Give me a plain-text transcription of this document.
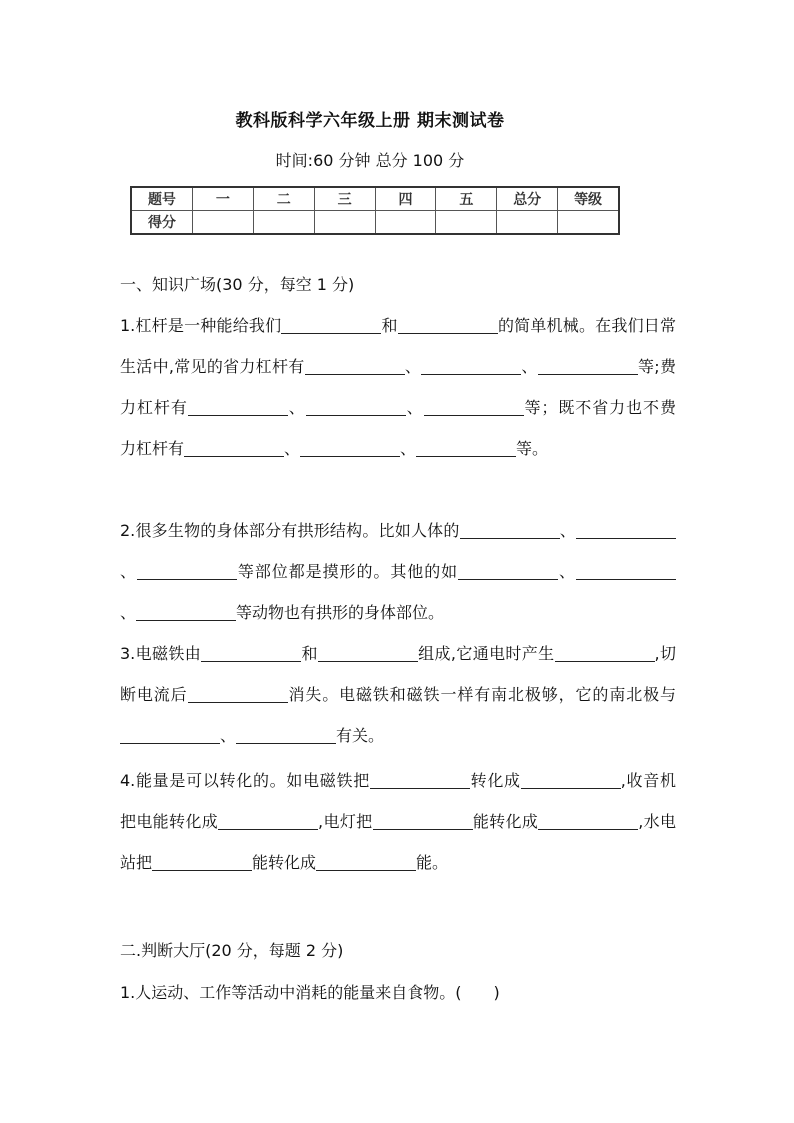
教科版科学六年级上册 期末测试卷
时间:60 分钟 总分 100 分
题号	一	二	三	四	五	总分	等级
得分							
一、知识广场(30 分，每空 1 分)
1.杠杆是一种能给我们	和	的简单机械。在我们日常生活中,常见的省力杠杆有	、	、	等;费力杠杆有	、	、	等；既不省力也不费力杠杆有	、	、	等。
2.很多生物的身体部分有拱形结构。比如人体的	、、	等部位都是摸形的。其他的如	、、	等动物也有拱形的身体部位。
3.电磁铁由	和	组成,它通电时产生	,切断电流后	消失。电磁铁和磁铁一样有南北极够，它的南北极与、	有关。
4.能量是可以转化的。如电磁铁把	转化成	,收音机把电能转化成	,电灯把	能转化成	,水电站把	能转化成	能。
二.判断大厅(20 分，每题 2 分)
1.人运动、工作等活动中消耗的能量来自食物。(　　)
